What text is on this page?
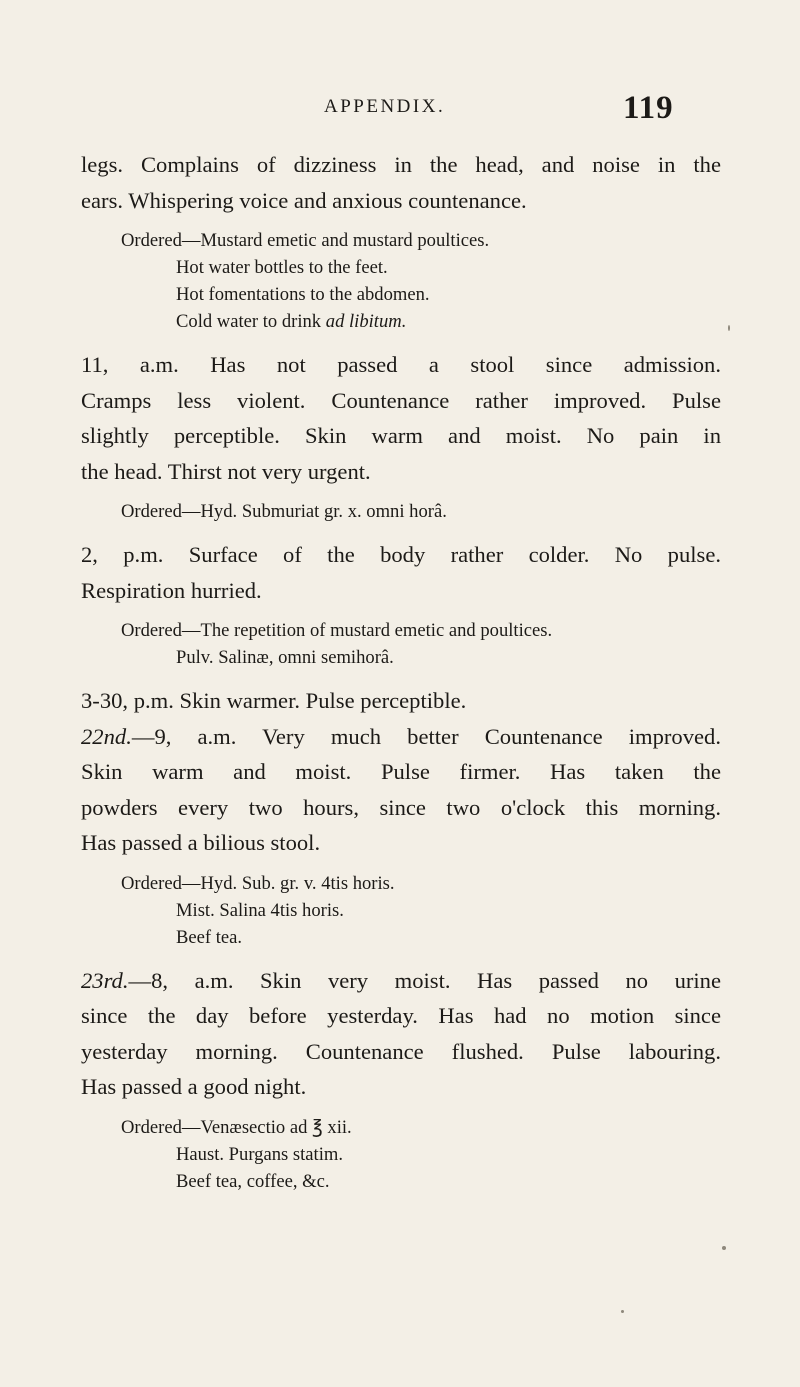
APPENDIX.	119

legs. Complains of dizziness in the head, and noise in the

ears. Whispering voice and anxious countenance.

Ordered—Mustard emetic and mustard poultices.
Hot water bottles to the feet.
Hot fomentations to the abdomen.
Cold water to drink ad libitum.

11, a.m. Has not passed a stool since admission.

Cramps less violent. Countenance rather improved. Pulse

slightly perceptible. Skin warm and moist. No pain in

the head. Thirst not very urgent.

Ordered—Hyd. Submuriat gr. x. omni horâ.

2, p.m. Surface of the body rather colder. No pulse.

Respiration hurried.

Ordered—The repetition of mustard emetic and poultices.
Pulv. Salinæ, omni semihorâ.

3-30, p.m. Skin warmer. Pulse perceptible.

22nd.—9, a.m. Very much better Countenance improved.

Skin warm and moist. Pulse firmer. Has taken the

powders every two hours, since two o'clock this morning.

Has passed a bilious stool.

Ordered—Hyd. Sub. gr. v. 4tis horis.
Mist. Salina 4tis horis.
Beef tea.

23rd.—8, a.m. Skin very moist. Has passed no urine

since the day before yesterday. Has had no motion since

yesterday morning. Countenance flushed. Pulse labouring.

Has passed a good night.

Ordered—Venæsectio ad ℥ xii.
Haust. Purgans statim.
Beef tea, coffee, &c.
